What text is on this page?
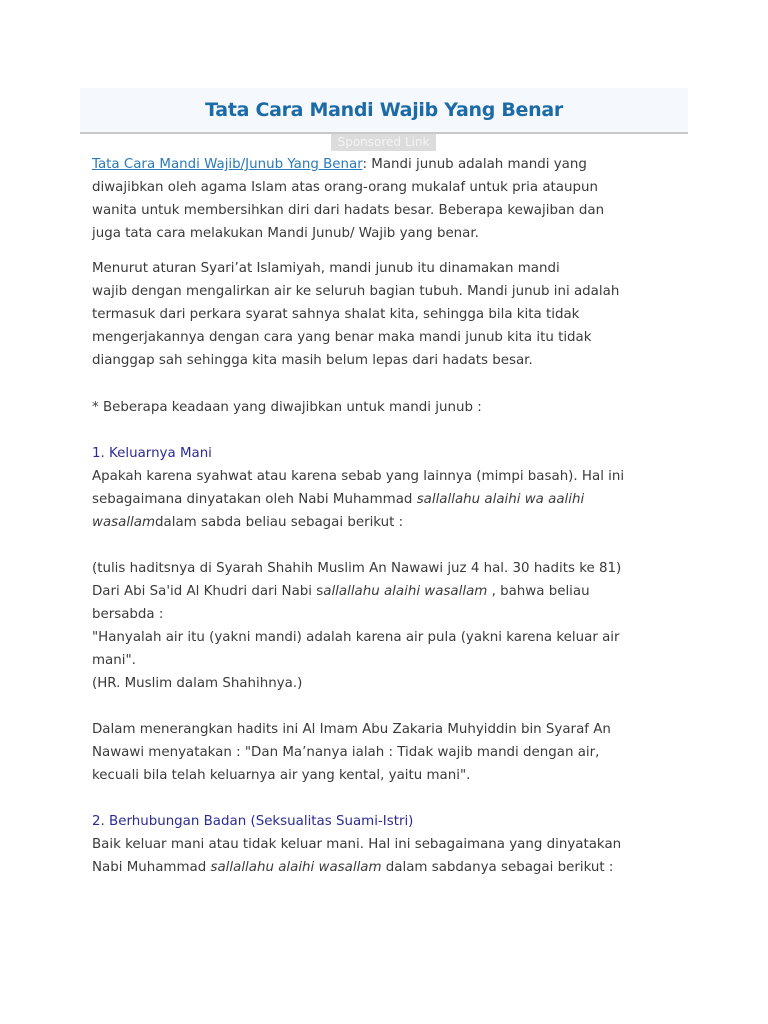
Tata Cara Mandi Wajib Yang Benar
Sponsored Link

Tata Cara Mandi Wajib/Junub Yang Benar: Mandi junub adalah mandi yang
diwajibkan oleh agama Islam atas orang-orang mukalaf untuk pria ataupun
wanita untuk membersihkan diri dari hadats besar. Beberapa kewajiban dan
juga tata cara melakukan Mandi Junub/ Wajib yang benar.

Menurut aturan Syari’at Islamiyah, mandi junub itu dinamakan mandi
wajib dengan mengalirkan air ke seluruh bagian tubuh. Mandi junub ini adalah
termasuk dari perkara syarat sahnya shalat kita, sehingga bila kita tidak
mengerjakannya dengan cara yang benar maka mandi junub kita itu tidak
dianggap sah sehingga kita masih belum lepas dari hadats besar.

* Beberapa keadaan yang diwajibkan untuk mandi junub :

1. Keluarnya Mani

Apakah karena syahwat atau karena sebab yang lainnya (mimpi basah). Hal ini
sebagaimana dinyatakan oleh Nabi Muhammad sallallahu alaihi wa aalihi
wasallamdalam sabda beliau sebagai berikut :

(tulis haditsnya di Syarah Shahih Muslim An Nawawi juz 4 hal. 30 hadits ke 81)
Dari Abi Sa'id Al Khudri dari Nabi sallallahu alaihi wasallam , bahwa beliau
bersabda :
"Hanyalah air itu (yakni mandi) adalah karena air pula (yakni karena keluar air
mani".
(HR. Muslim dalam Shahihnya.)

Dalam menerangkan hadits ini Al Imam Abu Zakaria Muhyiddin bin Syaraf An
Nawawi menyatakan : "Dan Ma’nanya ialah : Tidak wajib mandi dengan air,
kecuali bila telah keluarnya air yang kental, yaitu mani".

2. Berhubungan Badan (Seksualitas Suami-Istri)

Baik keluar mani atau tidak keluar mani. Hal ini sebagaimana yang dinyatakan
Nabi Muhammad sallallahu alaihi wasallam dalam sabdanya sebagai berikut :
